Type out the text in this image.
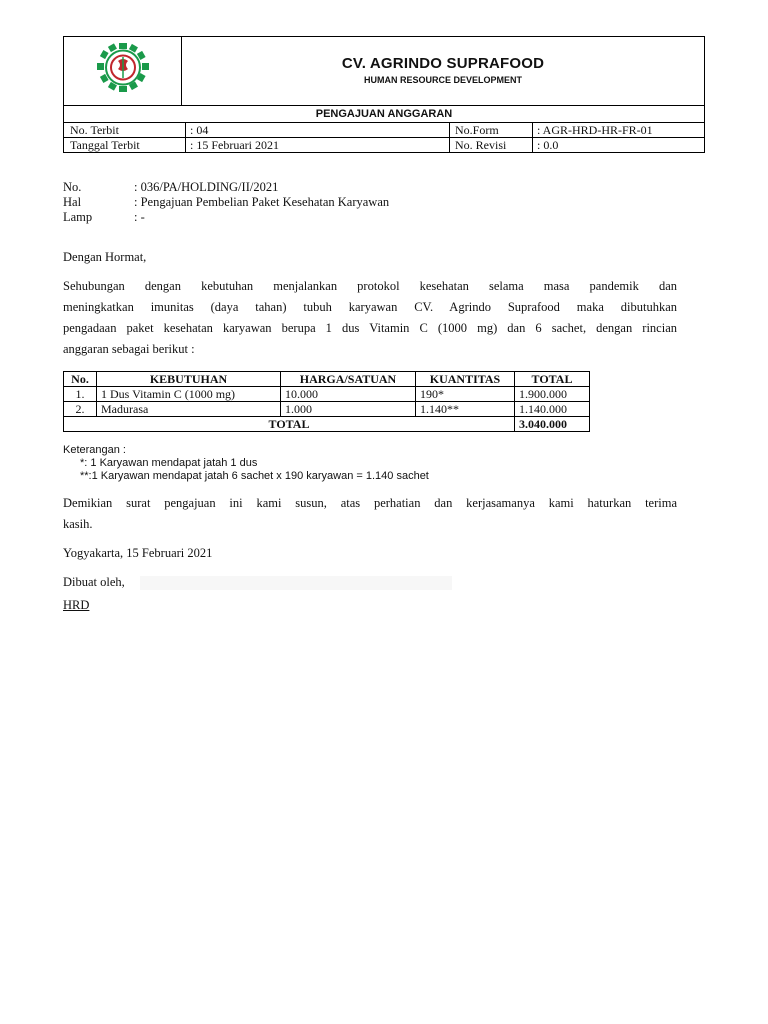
CV. AGRINDO SUPRAFOOD
HUMAN RESOURCE DEVELOPMENT
PENGAJUAN ANGGARAN
No. Terbit	: 04	No.Form	: AGR-HRD-HR-FR-01
Tanggal Terbit	: 15 Februari 2021	No. Revisi	: 0.0
No.	: 036/PA/HOLDING/II/2021
Hal	: Pengajuan Pembelian Paket Kesehatan Karyawan
Lamp	: -
Dengan Hormat,
Sehubungan dengan kebutuhan menjalankan protokol kesehatan selama masa pandemik dan
meningkatkan imunitas (daya tahan) tubuh karyawan CV. Agrindo Suprafood maka dibutuhkan
pengadaan paket kesehatan karyawan berupa 1 dus Vitamin C (1000 mg) dan 6 sachet, dengan rincian
anggaran sebagai berikut :
No.	KEBUTUHAN	HARGA/SATUAN	KUANTITAS	TOTAL
1.	1 Dus Vitamin C (1000 mg)	10.000	190*	1.900.000
2.	Madurasa	1.000	1.140**	1.140.000
TOTAL				3.040.000
Keterangan :
*: 1 Karyawan mendapat jatah 1 dus
**:1 Karyawan mendapat jatah 6 sachet x 190 karyawan = 1.140 sachet
Demikian surat pengajuan ini kami susun, atas perhatian dan kerjasamanya kami haturkan terima
kasih.
Yogyakarta, 15 Februari 2021
Dibuat oleh,
HRD
